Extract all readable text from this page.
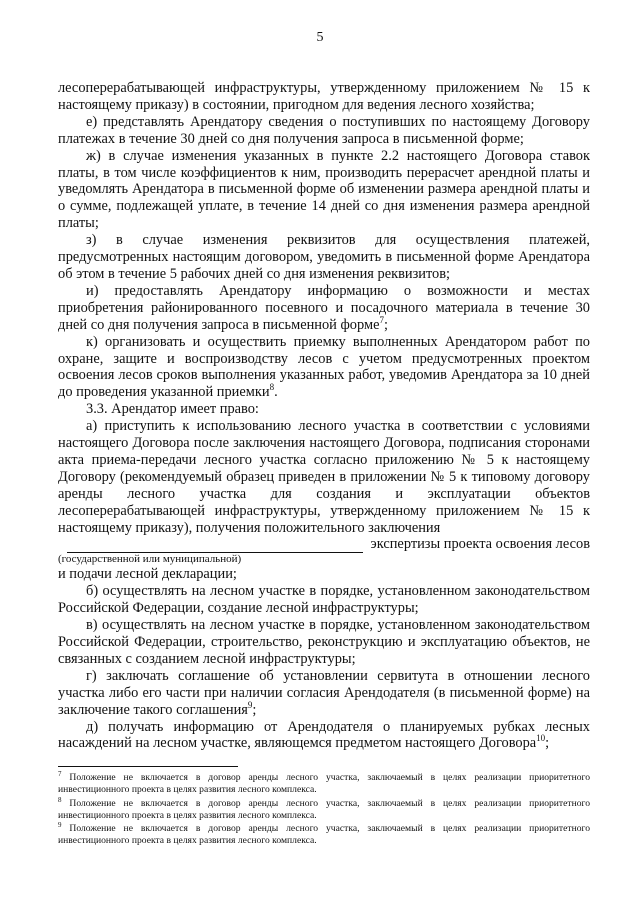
5

лесоперерабатывающей инфраструктуры, утвержденному приложением № 15 к настоящему приказу) в состоянии, пригодном для ведения лесного хозяйства;

е) представлять Арендатору сведения о поступивших по настоящему Договору платежах в течение 30 дней со дня получения запроса в письменной форме;

ж) в случае изменения указанных в пункте 2.2 настоящего Договора ставок платы, в том числе коэффициентов к ним, производить перерасчет арендной платы и уведомлять Арендатора в письменной форме об изменении размера арендной платы и о сумме, подлежащей уплате, в течение 14 дней со дня изменения размера арендной платы;

з) в случае изменения реквизитов для осуществления платежей, предусмотренных настоящим договором, уведомить в письменной форме Арендатора об этом в течение 5 рабочих дней со дня изменения реквизитов;

и) предоставлять Арендатору информацию о возможности и местах приобретения районированного посевного и посадочного материала в течение 30 дней со дня получения запроса в письменной форме$^7$;

к) организовать и осуществить приемку выполненных Арендатором работ по охране, защите и воспроизводству лесов с учетом предусмотренных проектом освоения лесов сроков выполнения указанных работ, уведомив Арендатора за 10 дней до проведения указанной приемки$^8$.

3.3. Арендатор имеет право:

а) приступить к использованию лесного участка в соответствии с условиями настоящего Договора после заключения настоящего Договора, подписания сторонами акта приема-передачи лесного участка согласно приложению № 5 к настоящему Договору (рекомендуемый образец приведен в приложении № 5 к типовому договору аренды лесного участка для создания и эксплуатации объектов лесоперерабатывающей инфраструктуры, утвержденному приложением № 15 к настоящему приказу), получения положительного заключения

экспертизы проекта освоения лесов

(государственной или муниципальной)

и подачи лесной декларации;

б) осуществлять на лесном участке в порядке, установленном законодательством Российской Федерации, создание лесной инфраструктуры;

в) осуществлять на лесном участке в порядке, установленном законодательством Российской Федерации, строительство, реконструкцию и эксплуатацию объектов, не связанных с созданием лесной инфраструктуры;

г) заключать соглашение об установлении сервитута в отношении лесного участка либо его части при наличии согласия Арендодателя (в письменной форме) на заключение такого соглашения$^9$;

д) получать информацию от Арендодателя о планируемых рубках лесных насаждений на лесном участке, являющемся предметом настоящего Договора$^{10}$;

$^7$ Положение не включается в договор аренды лесного участка, заключаемый в целях реализации приоритетного инвестиционного проекта в целях развития лесного комплекса.

$^8$ Положение не включается в договор аренды лесного участка, заключаемый в целях реализации приоритетного инвестиционного проекта в целях развития лесного комплекса.

$^9$ Положение не включается в договор аренды лесного участка, заключаемый в целях реализации приоритетного инвестиционного проекта в целях развития лесного комплекса.
